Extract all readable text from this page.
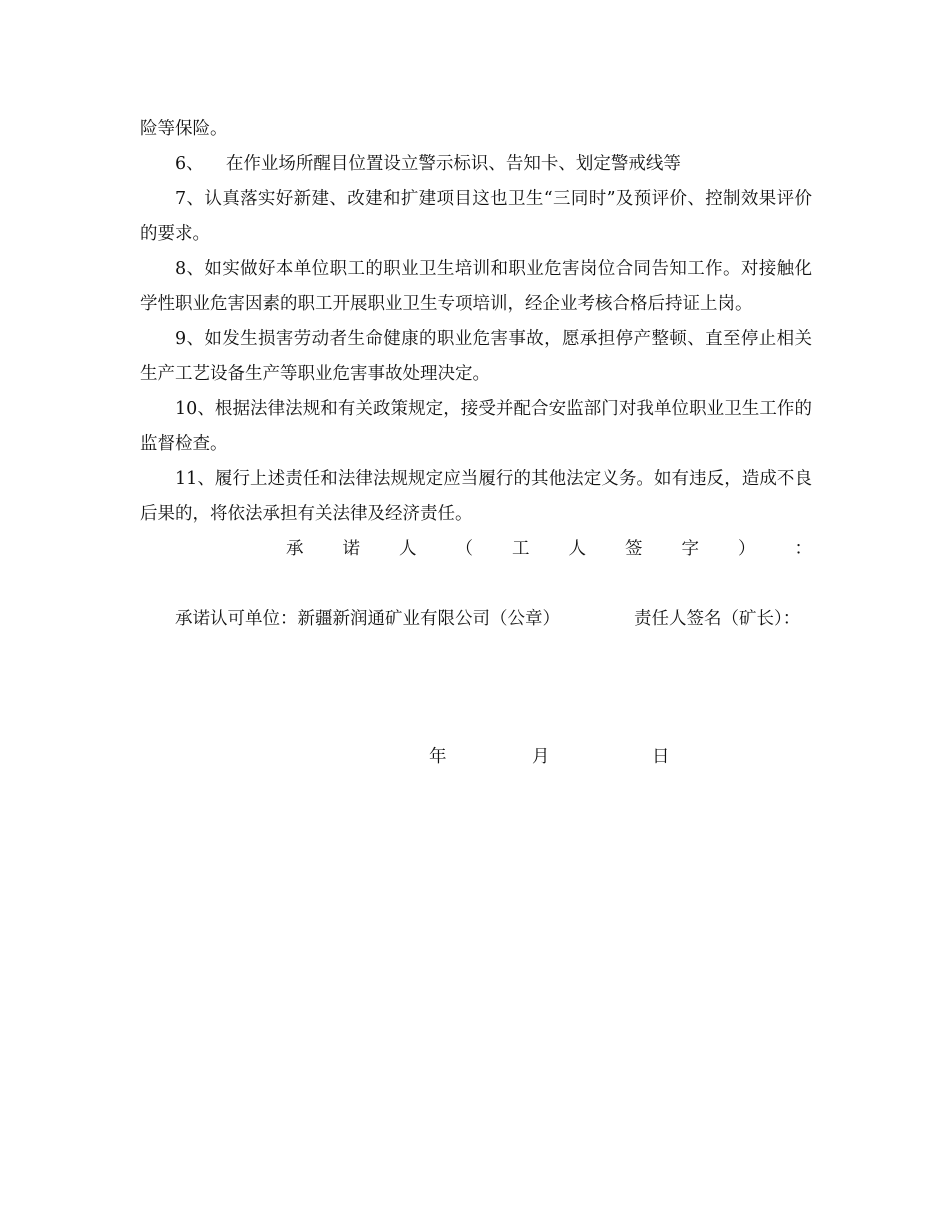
险等保险。

6、    在作业场所醒目位置设立警示标识、告知卡、划定警戒线等

7、认真落实好新建、改建和扩建项目这也卫生“三同时”及预评价、控制效果评价的要求。

8、如实做好本单位职工的职业卫生培训和职业危害岗位合同告知工作。对接触化学性职业危害因素的职工开展职业卫生专项培训，经企业考核合格后持证上岗。

9、如发生损害劳动者生命健康的职业危害事故，愿承担停产整顿、直至停止相关生产工艺设备生产等职业危害事故处理决定。

10、根据法律法规和有关政策规定，接受并配合安监部门对我单位职业卫生工作的监督检查。

11、履行上述责任和法律法规规定应当履行的其他法定义务。如有违反，造成不良后果的，将依法承担有关法律及经济责任。

承 诺 人 （ 工 人 签 字 ） ：

承诺认可单位：新疆新润通矿业有限公司（公章）	责任人签名（矿长）：

年	月	日
